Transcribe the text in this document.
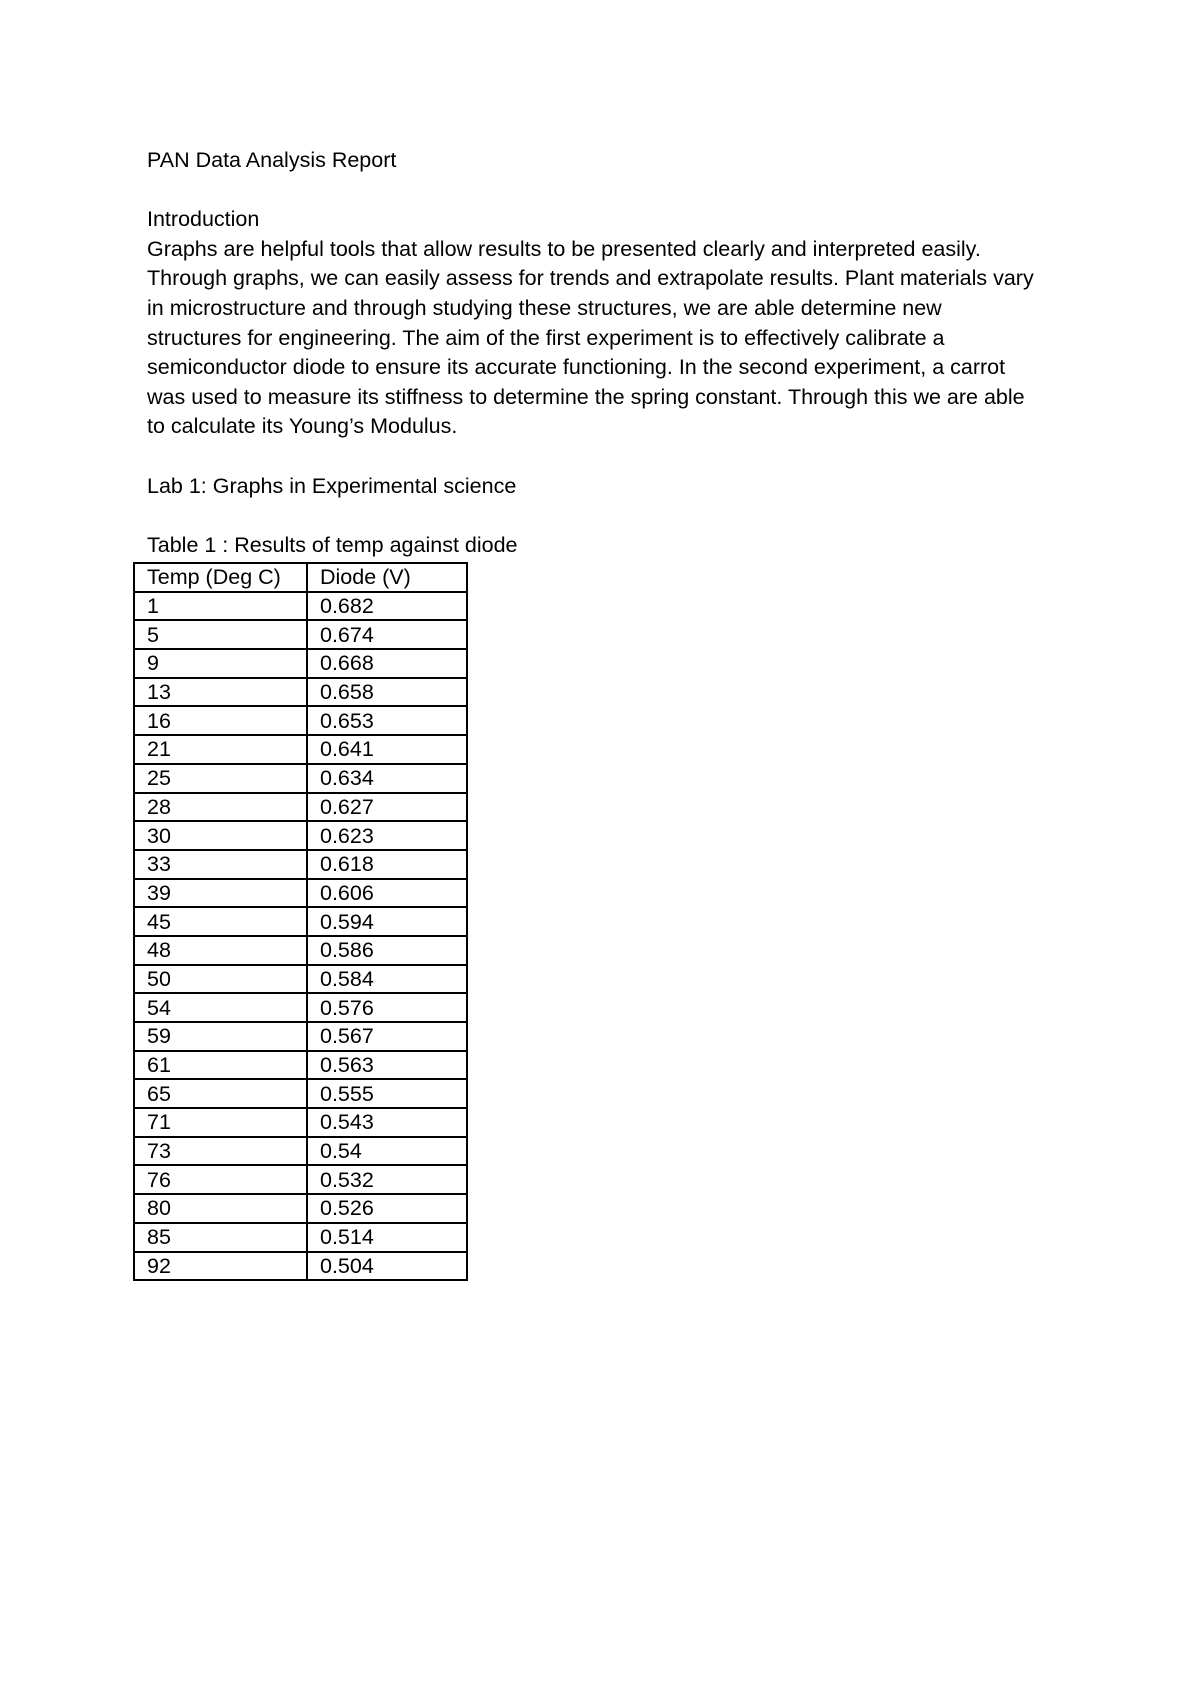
PAN Data Analysis Report

Introduction

Graphs are helpful tools that allow results to be presented clearly and interpreted easily.

Through graphs, we can easily assess for trends and extrapolate results. Plant materials vary

in microstructure and through studying these structures, we are able determine new

structures for engineering. The aim of the first experiment is to effectively calibrate a

semiconductor diode to ensure its accurate functioning. In the second experiment, a carrot

was used to measure its stiffness to determine the spring constant. Through this we are able

to calculate its Young’s Modulus.

Lab 1: Graphs in Experimental science

Table 1 : Results of temp against diode

Temp (Deg C)	Diode (V)
1	0.682
5	0.674
9	0.668
13	0.658
16	0.653
21	0.641
25	0.634
28	0.627
30	0.623
33	0.618
39	0.606
45	0.594
48	0.586
50	0.584
54	0.576
59	0.567
61	0.563
65	0.555
71	0.543
73	0.54
76	0.532
80	0.526
85	0.514
92	0.504
